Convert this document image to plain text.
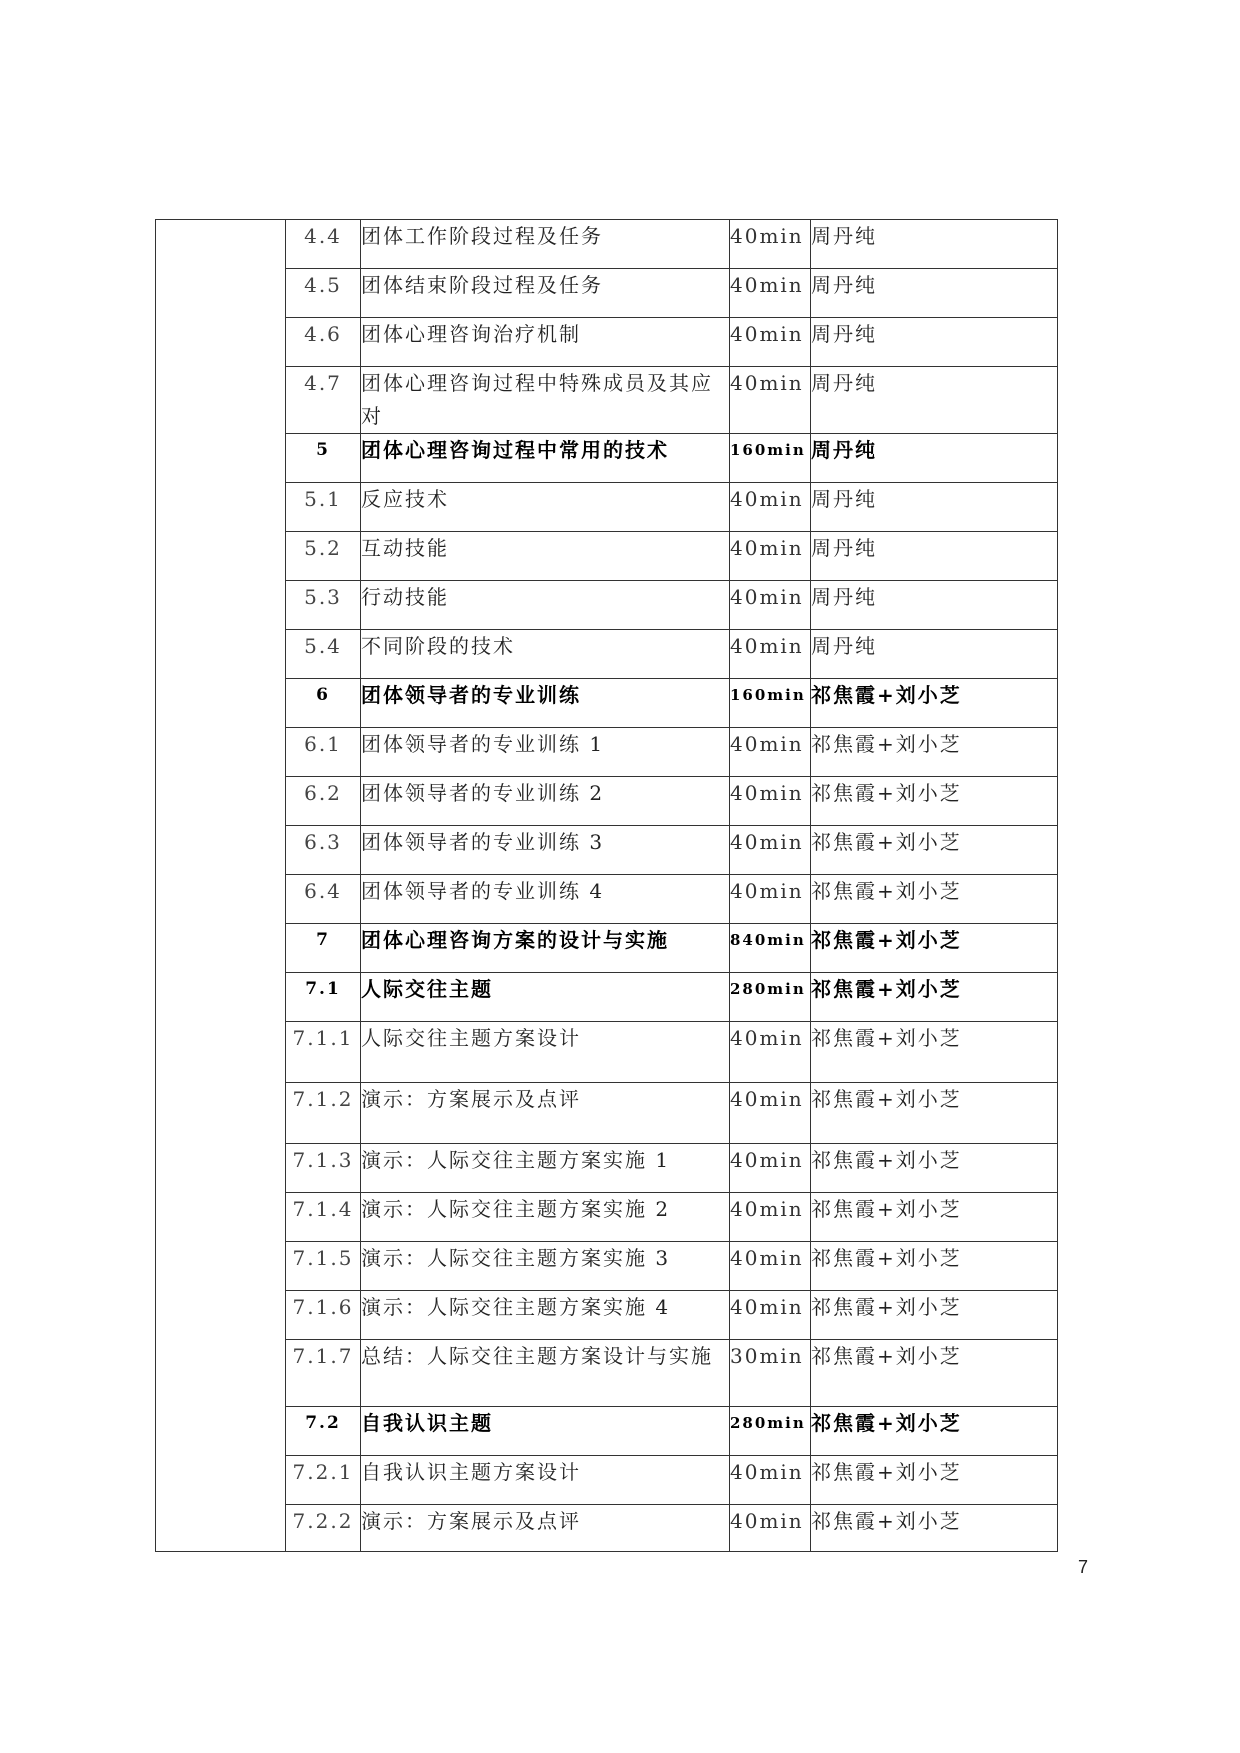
	4.4	团体工作阶段过程及任务	40min	周丹纯
	4.5	团体结束阶段过程及任务	40min	周丹纯
	4.6	团体心理咨询治疗机制	40min	周丹纯
	4.7	团体心理咨询过程中特殊成员及其应对	40min	周丹纯
	5	团体心理咨询过程中常用的技术	160min	周丹纯
	5.1	反应技术	40min	周丹纯
	5.2	互动技能	40min	周丹纯
	5.3	行动技能	40min	周丹纯
	5.4	不同阶段的技术	40min	周丹纯
	6	团体领导者的专业训练	160min	祁焦霞+刘小芝
	6.1	团体领导者的专业训练 1	40min	祁焦霞+刘小芝
	6.2	团体领导者的专业训练 2	40min	祁焦霞+刘小芝
	6.3	团体领导者的专业训练 3	40min	祁焦霞+刘小芝
	6.4	团体领导者的专业训练 4	40min	祁焦霞+刘小芝
	7	团体心理咨询方案的设计与实施	840min	祁焦霞+刘小芝
	7.1	人际交往主题	280min	祁焦霞+刘小芝
	7.1.1	人际交往主题方案设计	40min	祁焦霞+刘小芝
	7.1.2	演示：方案展示及点评	40min	祁焦霞+刘小芝
	7.1.3	演示：人际交往主题方案实施 1	40min	祁焦霞+刘小芝
	7.1.4	演示：人际交往主题方案实施 2	40min	祁焦霞+刘小芝
	7.1.5	演示：人际交往主题方案实施 3	40min	祁焦霞+刘小芝
	7.1.6	演示：人际交往主题方案实施 4	40min	祁焦霞+刘小芝
	7.1.7	总结：人际交往主题方案设计与实施	30min	祁焦霞+刘小芝
	7.2	自我认识主题	280min	祁焦霞+刘小芝
	7.2.1	自我认识主题方案设计	40min	祁焦霞+刘小芝
	7.2.2	演示：方案展示及点评	40min	祁焦霞+刘小芝
7
